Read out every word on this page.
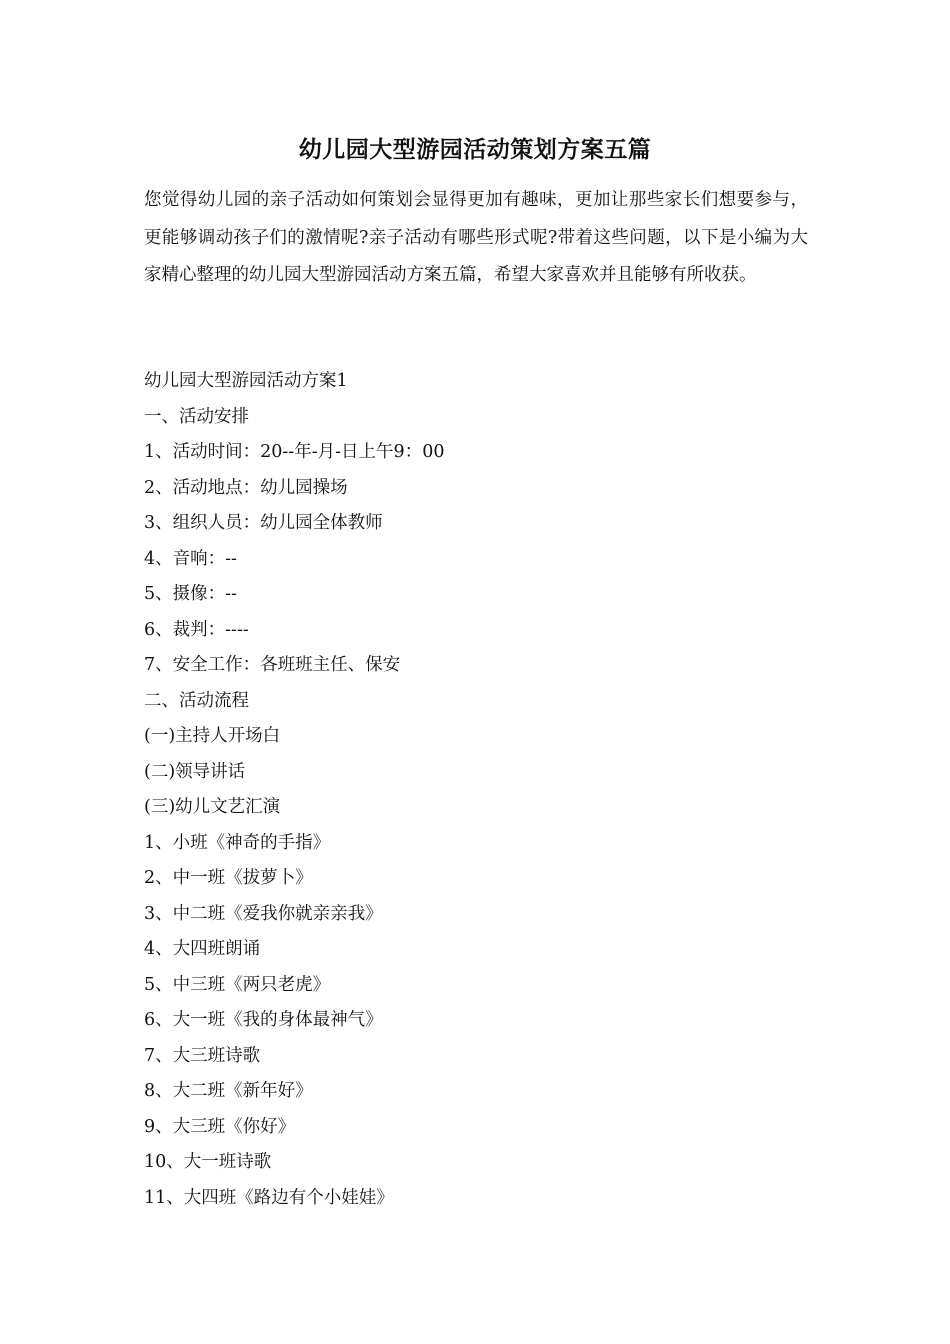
幼儿园大型游园活动策划方案五篇

您觉得幼儿园的亲子活动如何策划会显得更加有趣味，更加让那些家长们想要参与，更能够调动孩子们的激情呢?亲子活动有哪些形式呢?带着这些问题，以下是小编为大家精心整理的幼儿园大型游园活动方案五篇，希望大家喜欢并且能够有所收获。

幼儿园大型游园活动方案1
一、活动安排
1、活动时间：20--年-月-日上午9：00
2、活动地点：幼儿园操场
3、组织人员：幼儿园全体教师
4、音响：--
5、摄像：--
6、裁判：----
7、安全工作：各班班主任、保安
二、活动流程
(一)主持人开场白
(二)领导讲话
(三)幼儿文艺汇演
1、小班《神奇的手指》
2、中一班《拔萝卜》
3、中二班《爱我你就亲亲我》
4、大四班朗诵
5、中三班《两只老虎》
6、大一班《我的身体最神气》
7、大三班诗歌
8、大二班《新年好》
9、大三班《你好》
10、大一班诗歌
11、大四班《路边有个小娃娃》
